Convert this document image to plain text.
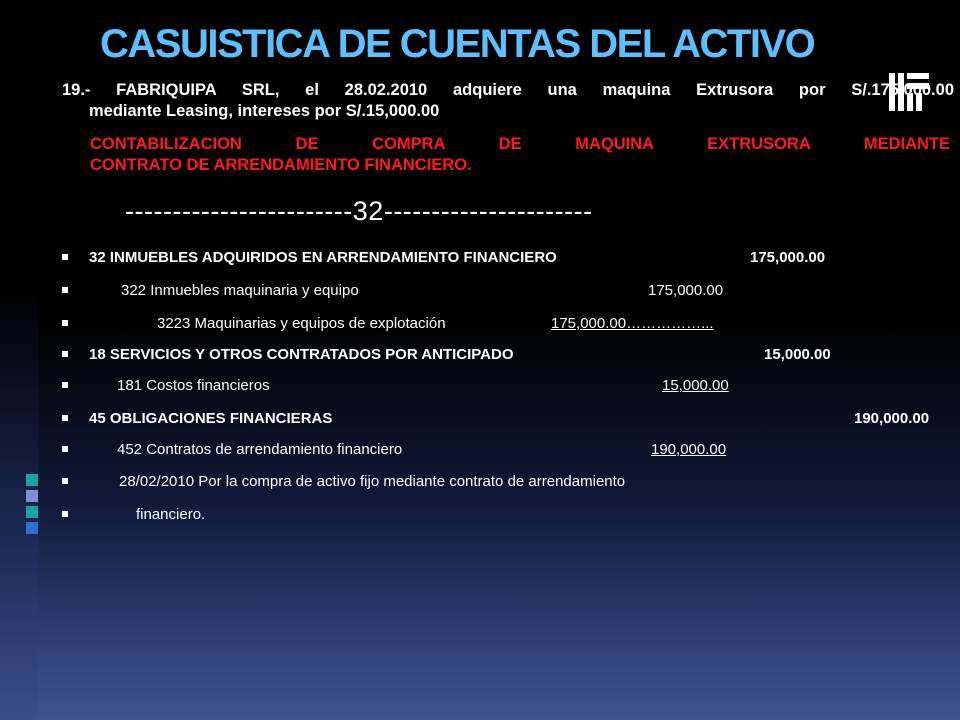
CASUISTICA DE CUENTAS DEL ACTIVO
19.- FABRIQUIPA SRL, el 28.02.2010 adquiere una maquina Extrusora por S/.175,000.00
mediante Leasing, intereses por S/.15,000.00
CONTABILIZACION DE COMPRA DE MAQUINA EXTRUSORA MEDIANTE
CONTRATO DE ARRENDAMIENTO FINANCIERO.
------------------------32----------------------
32 INMUEBLES ADQUIRIDOS EN ARRENDAMIENTO FINANCIERO	175,000.00
322 Inmuebles maquinaria y equipo	175,000.00
3223 Maquinarias y equipos de explotación	175,000.00……………...
18 SERVICIOS Y OTROS CONTRATADOS POR ANTICIPADO	15,000.00
181 Costos financieros	15,000.00
45 OBLIGACIONES FINANCIERAS	190,000.00
452 Contratos de arrendamiento financiero	190,000.00
28/02/2010 Por la compra de activo fijo mediante contrato de arrendamiento
financiero.
